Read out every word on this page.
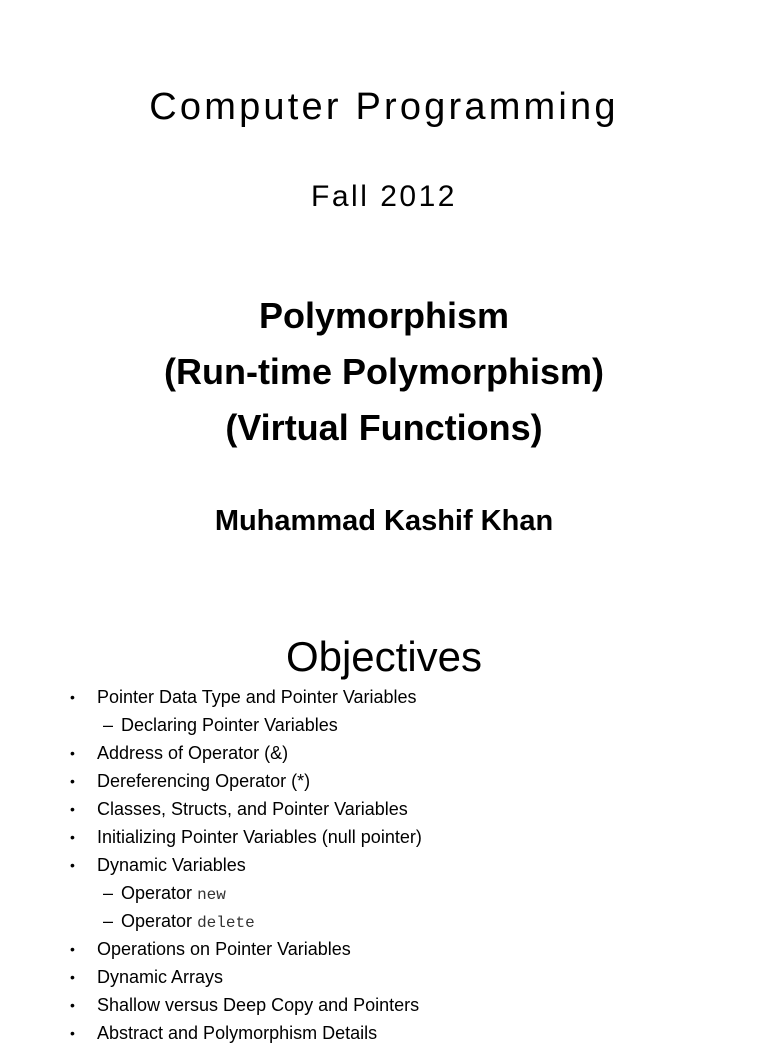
Computer Programming
Fall 2012
Polymorphism
(Run-time Polymorphism)
(Virtual Functions)
Muhammad Kashif Khan
Objectives
• Pointer Data Type and Pointer Variables
– Declaring Pointer Variables
• Address of Operator (&)
• Dereferencing Operator (*)
• Classes, Structs, and Pointer Variables
• Initializing Pointer Variables (null pointer)
• Dynamic Variables
– Operator new
– Operator delete
• Operations on Pointer Variables
• Dynamic Arrays
• Shallow versus Deep Copy and Pointers
• Abstract and Polymorphism Details
